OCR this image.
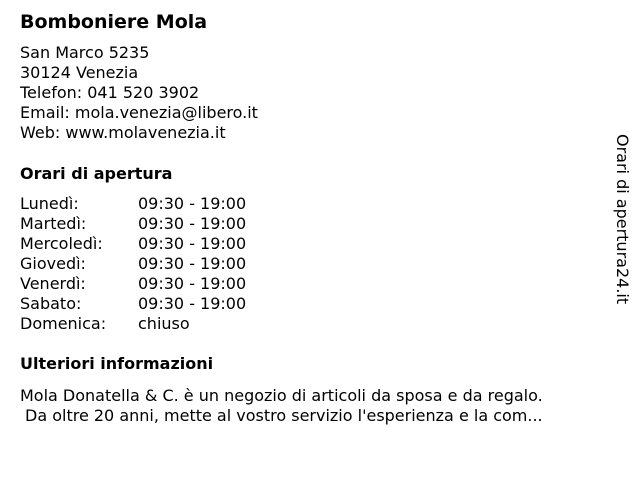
Bomboniere Mola
San Marco 5235
30124 Venezia
Telefon: 041 520 3902
Email: mola.venezia@libero.it
Web: www.molavenezia.it
Orari di apertura
Lunedì:	09:30 - 19:00
Martedì:	09:30 - 19:00
Mercoledì:	09:30 - 19:00
Giovedì:	09:30 - 19:00
Venerdì:	09:30 - 19:00
Sabato:	09:30 - 19:00
Domenica:	chiuso
Ulteriori informazioni
Mola Donatella & C. è un negozio di articoli da sposa e da regalo.
Da oltre 20 anni, mette al vostro servizio l'esperienza e la com...
Orari di apertura24.it
